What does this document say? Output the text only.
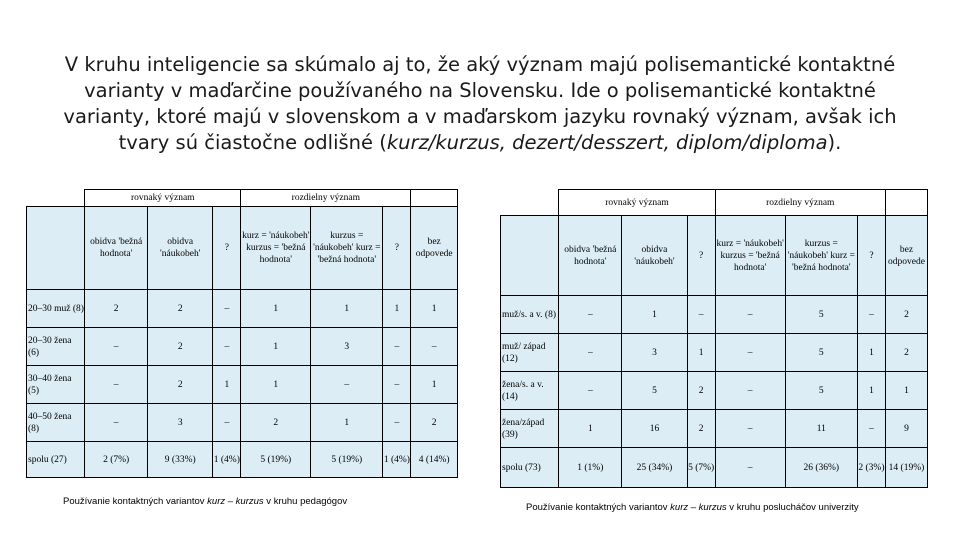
V kruhu inteligencie sa skúmalo aj to, že aký význam majú polisemantické kontaktné varianty v maďarčine používaného na Slovensku. Ide o polisemantické kontaktné varianty, ktoré majú v slovenskom a v maďarskom jazyku rovnaký význam, avšak ich tvary sú čiastočne odlišné (kurz/kurzus, dezert/desszert, diplom/diploma).
	rovnaký význam			rozdielny význam			
	obidva 'bežná hodnota'	obidva 'náukobeh'	?	kurz = 'náukobeh' kurzus = 'bežná hodnota'	kurzus = 'náukobeh' kurz = 'bežná hodnota'	?	bez odpovede
20–30 muž (8)	2	2	–	1	1	1	1
20–30 žena (6)	–	2	–	1	3	–	–
30–40 žena (5)	–	2	1	1	–	–	1
40–50 žena (8)	–	3	–	2	1	–	2
spolu (27)	2 (7%)	9 (33%)	1 (4%)	5 (19%)	5 (19%)	1 (4%)	4 (14%)
Používanie kontaktných variantov kurz – kurzus v kruhu pedagógov
	rovnaký význam			rozdielny význam			
	obidva 'bežná hodnota'	obidva 'náukobeh'	?	kurz = 'náukobeh' kurzus = 'bežná hodnota'	kurzus = 'náukobeh' kurz = 'bežná hodnota'	?	bez odpovede
muž/s. a v. (8)	–	1	–	–	5	–	2
muž/ západ (12)	–	3	1	–	5	1	2
žena/s. a v. (14)	–	5	2	–	5	1	1
žena/západ (39)	1	16	2	–	11	–	9
spolu (73)	1 (1%)	25 (34%)	5 (7%)	–	26 (36%)	2 (3%)	14 (19%)
Používanie kontaktných variantov kurz – kurzus v kruhu poslucháčov univerzity
